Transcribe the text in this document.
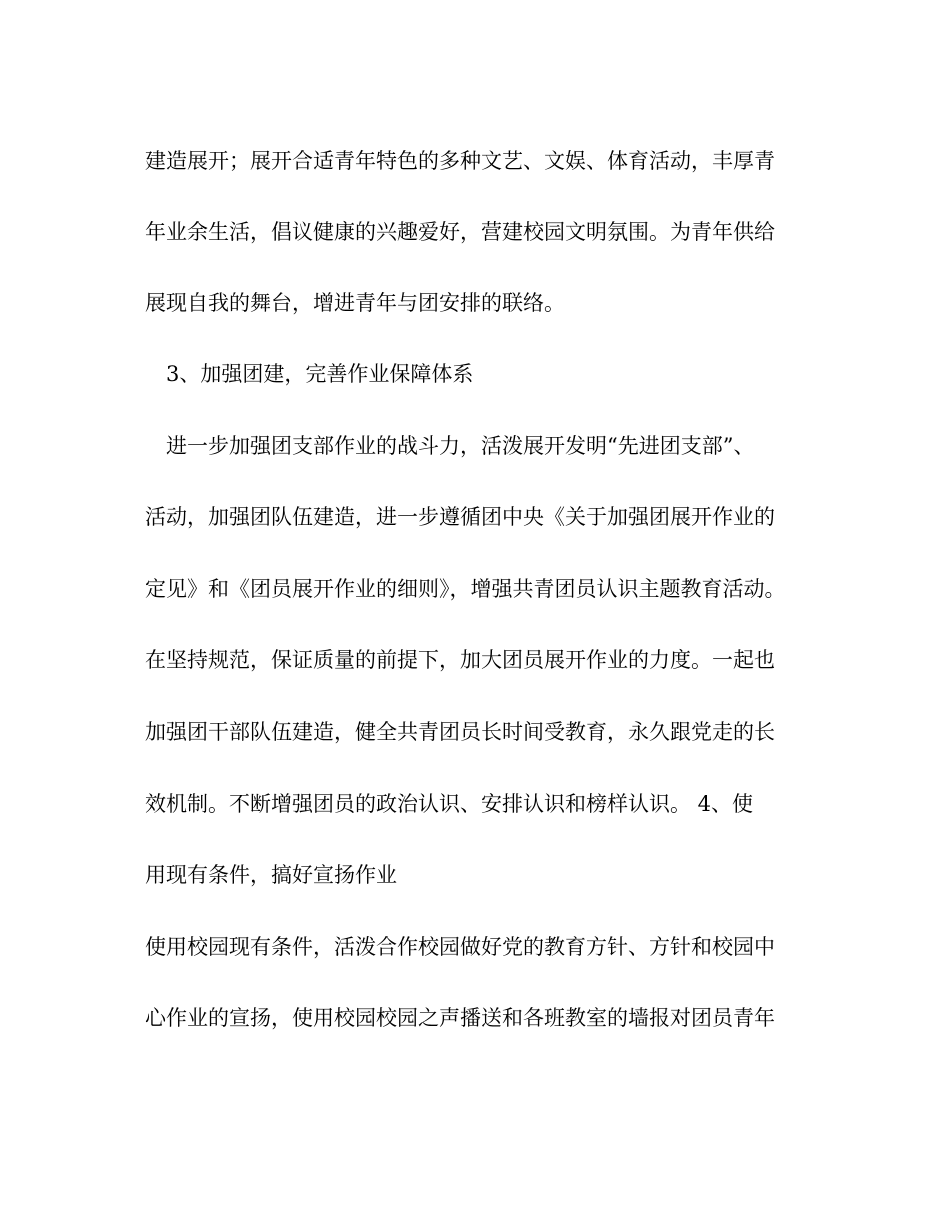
建造展开；展开合适青年特色的多种文艺、文娱、体育活动，丰厚青
年业余生活，倡议健康的兴趣爱好，营建校园文明氛围。为青年供给
展现自我的舞台，增进青年与团安排的联络。
3、加强团建，完善作业保障体系
进一步加强团支部作业的战斗力，活泼展开发明“先进团支部”、
活动，加强团队伍建造，进一步遵循团中央《关于加强团展开作业的
定见》和《团员展开作业的细则》，增强共青团员认识主题教育活动。
在坚持规范，保证质量的前提下，加大团员展开作业的力度。一起也
加强团干部队伍建造，健全共青团员长时间受教育，永久跟党走的长
效机制。不断增强团员的政治认识、安排认识和榜样认识。 4、使
用现有条件，搞好宣扬作业
使用校园现有条件，活泼合作校园做好党的教育方针、方针和校园中
心作业的宣扬，使用校园校园之声播送和各班教室的墙报对团员青年
